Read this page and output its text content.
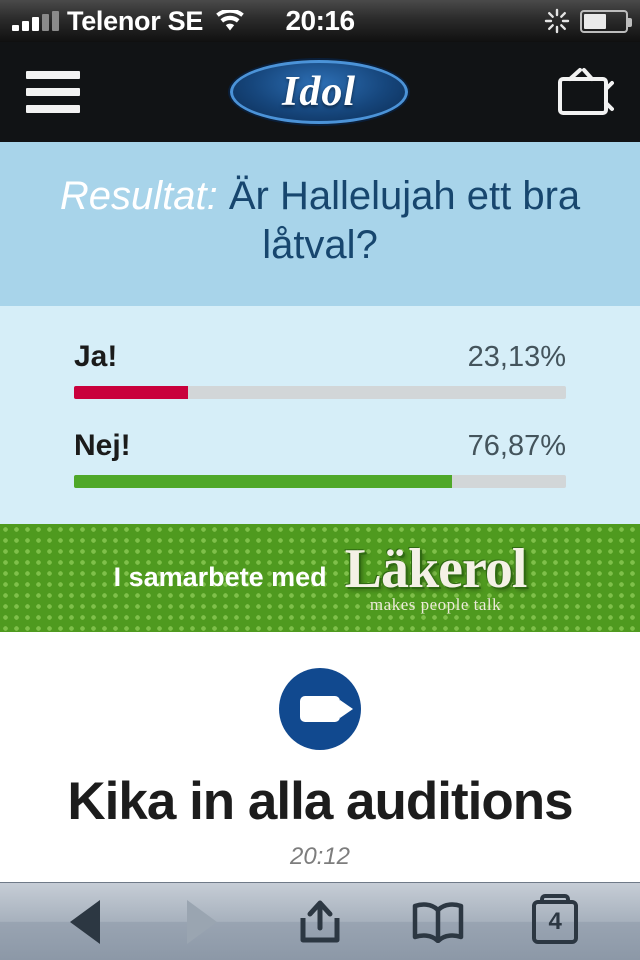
Telenor SE	20:16
Idol
Resultat: Är Hallelujah ett bra låtval?
Ja!	23,13%
Nej!	76,87%
I samarbete med Läkerol
makes people talk
Kika in alla auditions
20:12
4
